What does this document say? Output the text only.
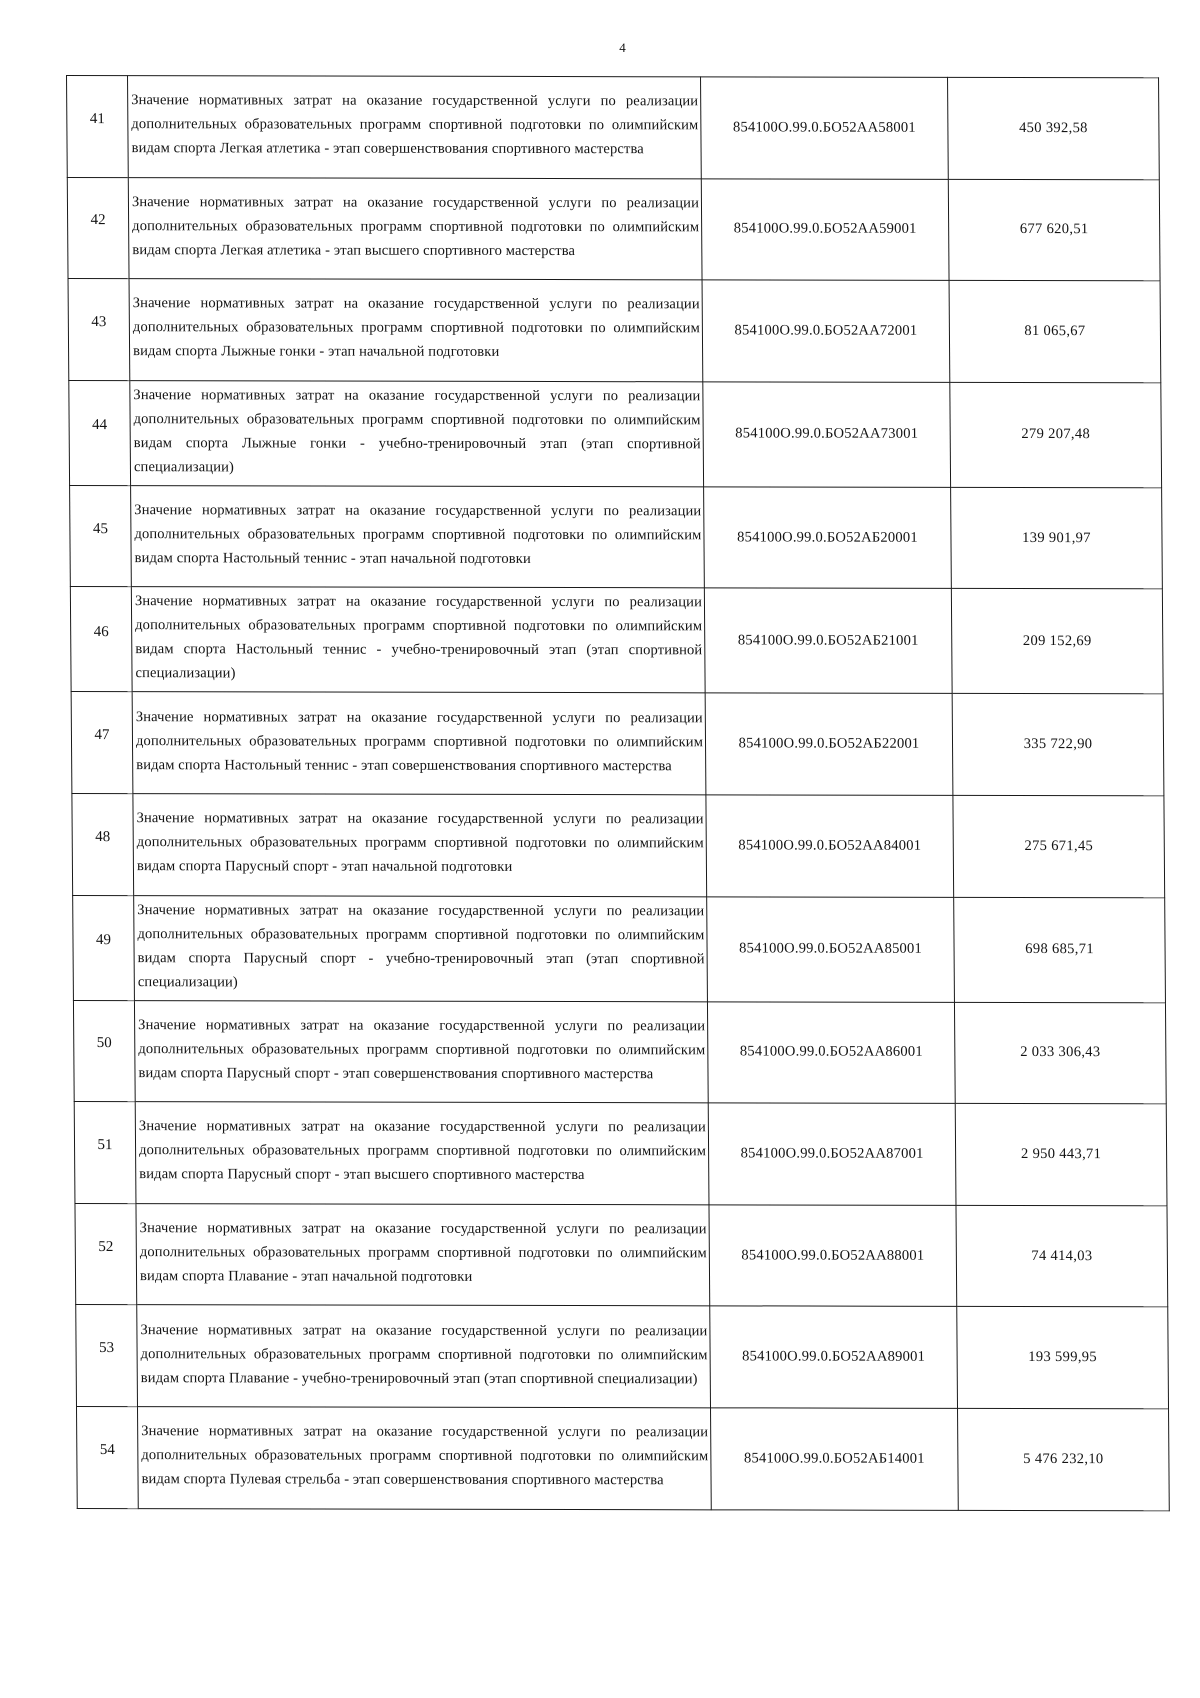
4
41	Значение нормативных затрат на оказание государственной услуги по реализации дополнительных образовательных программ спортивной подготовки по олимпийским видам спорта Легкая атлетика - этап совершенствования спортивного мастерства	854100О.99.0.БО52АА58001	450 392,58
42	Значение нормативных затрат на оказание государственной услуги по реализации дополнительных образовательных программ спортивной подготовки по олимпийским видам спорта Легкая атлетика - этап высшего спортивного мастерства	854100О.99.0.БО52АА59001	677 620,51
43	Значение нормативных затрат на оказание государственной услуги по реализации дополнительных образовательных программ спортивной подготовки по олимпийским видам спорта Лыжные гонки - этап начальной подготовки	854100О.99.0.БО52АА72001	81 065,67
44	Значение нормативных затрат на оказание государственной услуги по реализации дополнительных образовательных программ спортивной подготовки по олимпийским видам спорта Лыжные гонки - учебно-тренировочный этап (этап спортивной специализации)	854100О.99.0.БО52АА73001	279 207,48
45	Значение нормативных затрат на оказание государственной услуги по реализации дополнительных образовательных программ спортивной подготовки по олимпийским видам спорта Настольный теннис - этап начальной подготовки	854100О.99.0.БО52АБ20001	139 901,97
46	Значение нормативных затрат на оказание государственной услуги по реализации дополнительных образовательных программ спортивной подготовки по олимпийским видам спорта Настольный теннис - учебно-тренировочный этап (этап спортивной специализации)	854100О.99.0.БО52АБ21001	209 152,69
47	Значение нормативных затрат на оказание государственной услуги по реализации дополнительных образовательных программ спортивной подготовки по олимпийским видам спорта Настольный теннис - этап совершенствования спортивного мастерства	854100О.99.0.БО52АБ22001	335 722,90
48	Значение нормативных затрат на оказание государственной услуги по реализации дополнительных образовательных программ спортивной подготовки по олимпийским видам спорта Парусный спорт - этап начальной подготовки	854100О.99.0.БО52АА84001	275 671,45
49	Значение нормативных затрат на оказание государственной услуги по реализации дополнительных образовательных программ спортивной подготовки по олимпийским видам спорта Парусный спорт - учебно-тренировочный этап (этап спортивной специализации)	854100О.99.0.БО52АА85001	698 685,71
50	Значение нормативных затрат на оказание государственной услуги по реализации дополнительных образовательных программ спортивной подготовки по олимпийским видам спорта Парусный спорт - этап совершенствования спортивного мастерства	854100О.99.0.БО52АА86001	2 033 306,43
51	Значение нормативных затрат на оказание государственной услуги по реализации дополнительных образовательных программ спортивной подготовки по олимпийским видам спорта Парусный спорт - этап высшего спортивного мастерства	854100О.99.0.БО52АА87001	2 950 443,71
52	Значение нормативных затрат на оказание государственной услуги по реализации дополнительных образовательных программ спортивной подготовки по олимпийским видам спорта Плавание - этап начальной подготовки	854100О.99.0.БО52АА88001	74 414,03
53	Значение нормативных затрат на оказание государственной услуги по реализации дополнительных образовательных программ спортивной подготовки по олимпийским видам спорта Плавание - учебно-тренировочный этап (этап спортивной специализации)	854100О.99.0.БО52АА89001	193 599,95
54	Значение нормативных затрат на оказание государственной услуги по реализации дополнительных образовательных программ спортивной подготовки по олимпийским видам спорта Пулевая стрельба - этап совершенствования спортивного мастерства	854100О.99.0.БО52АБ14001	5 476 232,10
